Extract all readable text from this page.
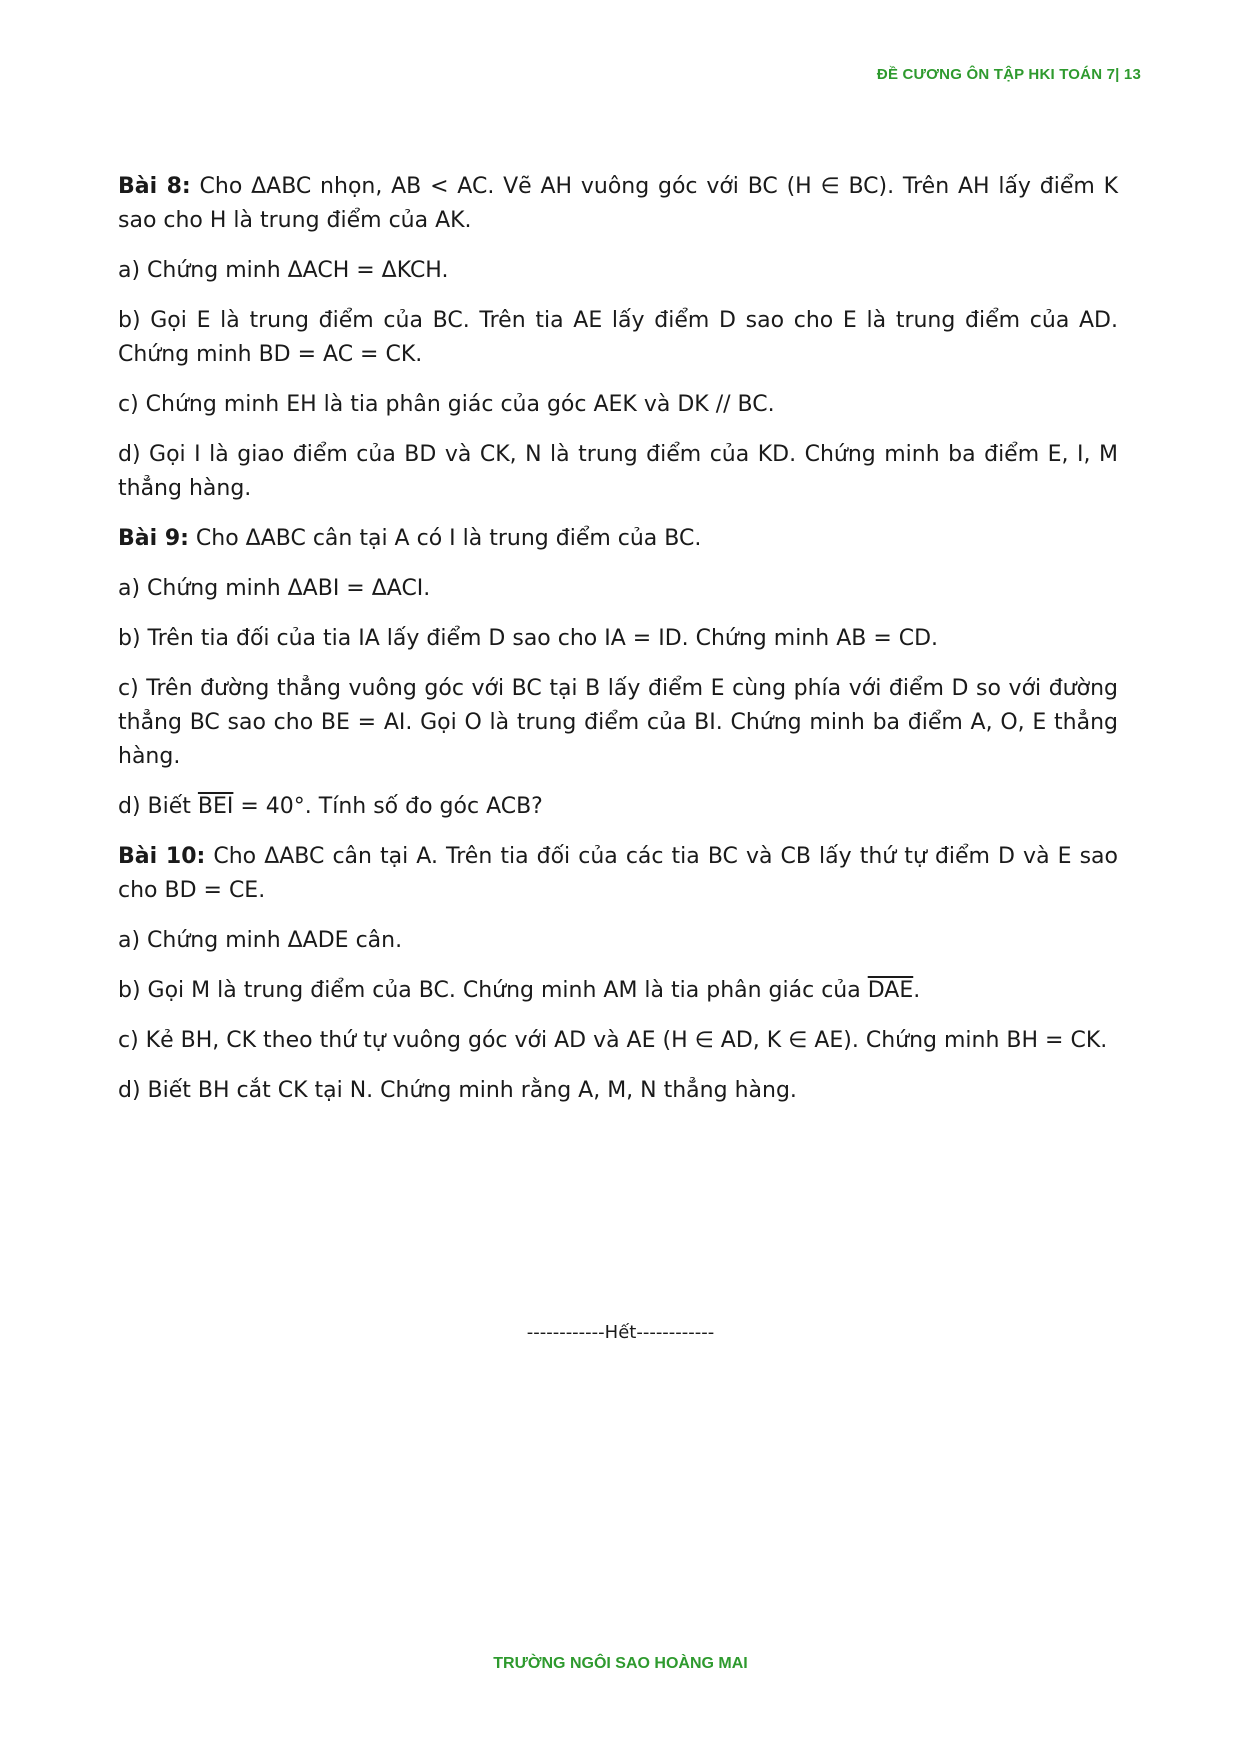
ĐỀ CƯƠNG ÔN TẬP HKI TOÁN 7| 13

Bài 8: Cho ΔABC nhọn, AB < AC. Vẽ AH vuông góc với BC (H ∈ BC). Trên AH lấy điểm K sao cho H là trung điểm của AK.

a) Chứng minh ΔACH = ΔKCH.

b) Gọi E là trung điểm của BC. Trên tia AE lấy điểm D sao cho E là trung điểm của AD. Chứng minh BD = AC = CK.

c) Chứng minh EH là tia phân giác của góc AEK và DK // BC.

d) Gọi I là giao điểm của BD và CK, N là trung điểm của KD. Chứng minh ba điểm E, I, M thẳng hàng.

Bài 9: Cho ΔABC cân tại A có I là trung điểm của BC.

a) Chứng minh ΔABI = ΔACI.

b) Trên tia đối của tia IA lấy điểm D sao cho IA = ID. Chứng minh AB = CD.

c) Trên đường thẳng vuông góc với BC tại B lấy điểm E cùng phía với điểm D so với đường thẳng BC sao cho BE = AI. Gọi O là trung điểm của BI. Chứng minh ba điểm A, O, E thẳng hàng.

d) Biết $\overline{BEI} = 40^\circ$. Tính số đo góc ACB?

Bài 10: Cho ΔABC cân tại A. Trên tia đối của các tia BC và CB lấy thứ tự điểm D và E sao cho BD = CE.

a) Chứng minh ΔADE cân.

b) Gọi M là trung điểm của BC. Chứng minh AM là tia phân giác của $\overline{DAE}$.

c) Kẻ BH, CK theo thứ tự vuông góc với AD và AE (H ∈ AD, K ∈ AE). Chứng minh BH = CK.

d) Biết BH cắt CK tại N. Chứng minh rằng A, M, N thẳng hàng.

------------Hết------------
TRƯỜNG NGÔI SAO HOÀNG MAI
